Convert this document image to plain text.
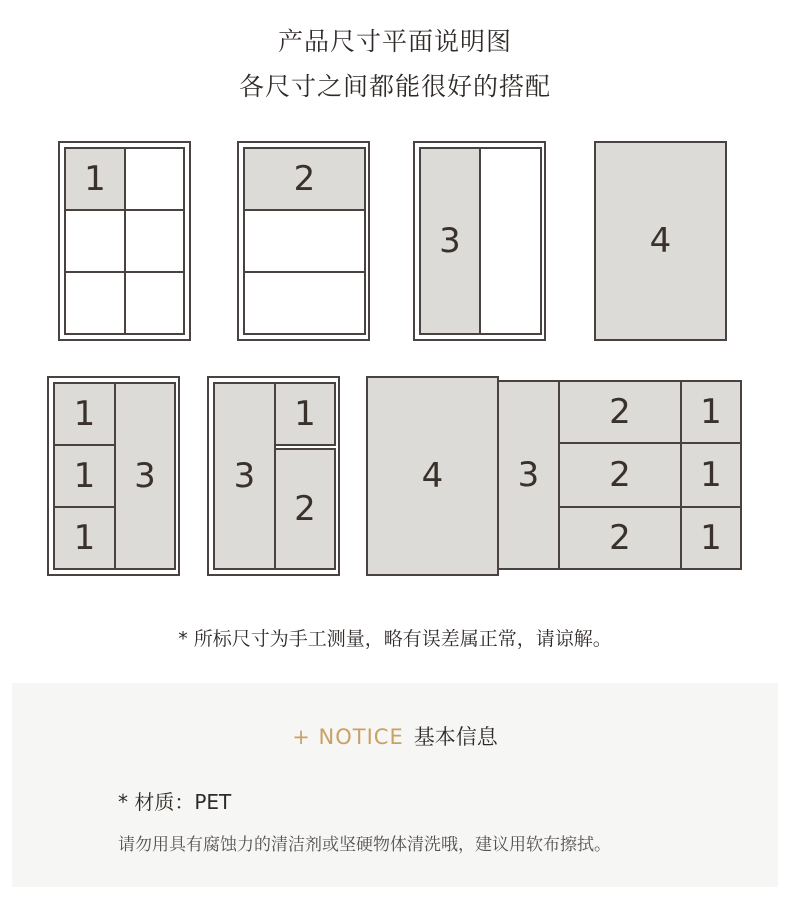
产品尺寸平面说明图
各尺寸之间都能很好的搭配
1	2
3	4
1
1
1
3	3
1
2
4	3
2
2
2
1
1
1
* 所标尺寸为手工测量，略有误差属正常，请谅解。
+ NOTICE 基本信息
* 材质：PET
请勿用具有腐蚀力的清洁剂或坚硬物体清洗哦，建议用软布擦拭。
